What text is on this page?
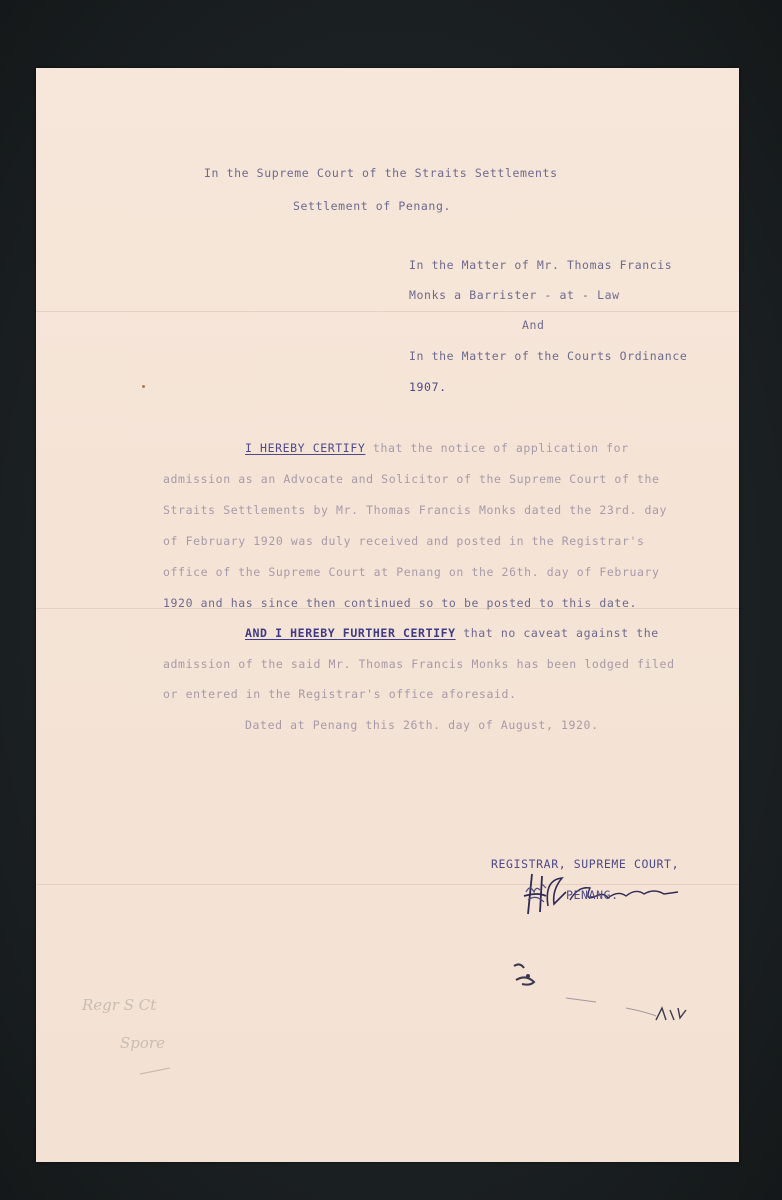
In the Supreme Court of the Straits Settlements
Settlement of Penang.
In the Matter of Mr. Thomas Francis
Monks a Barrister - at - Law
And
In the Matter of the Courts Ordinance
1907.
I HEREBY CERTIFY that the notice of application for
admission as an Advocate and Solicitor of the Supreme Court of the
Straits Settlements by Mr. Thomas Francis Monks dated the 23rd. day
of February 1920 was duly received and posted in the Registrar's
office of the Supreme Court at Penang on the 26th. day of February
1920 and has since then continued so to be posted to this date.
AND I HEREBY FURTHER CERTIFY that no caveat against the
admission of the said Mr. Thomas Francis Monks has been lodged filed
or entered in the Registrar's office aforesaid.
Dated at Penang this 26th. day of August, 1920.
REGISTRAR, SUPREME COURT,
PENANG.
Regr S Ct
Spore
